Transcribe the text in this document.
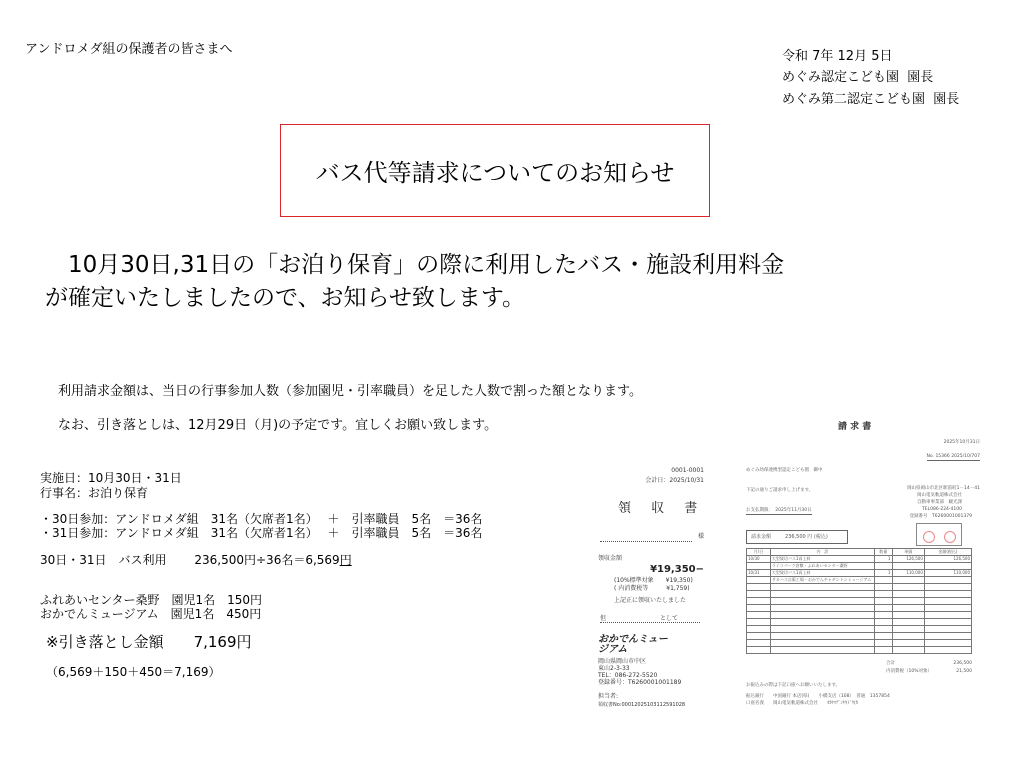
アンドロメダ組の保護者の皆さまへ	令和 7年 12月 5日
めぐみ認定こども園  園長
めぐみ第二認定こども園  園長
バス代等請求についてのお知らせ
　10月30日,31日の「お泊り保育」の際に利用したバス・施設利用料金
が確定いたしましたので、お知らせ致します。
利用請求金額は、当日の行事参加人数（参加園児・引率職員）を足した人数で割った額となります。
なお、引き落としは、12月29日（月)の予定です。宜しくお願い致します。
実施日：10月30日・31日
行事名：お泊り保育
・30日参加：アンドロメダ組　31名（欠席者1名）　 ＋　引率職員　5名　＝36名
・31日参加：アンドロメダ組　31名（欠席者1名）　 ＋　引率職員　5名　＝36名
30日・31日　バス利用　　 236,500円÷36名＝6,569円
ふれあいセンター桑野　園児1名　150円
おかでんミュージアム　園児1名　450円
※引き落とし金額　　7,169円
（6,569＋150＋450＝7,169）
0001-0001
会計日：2025/10/31
領 収 書
様
領収金額
¥19,350−
(10%標準対象　　¥19,350)
( 内消費税等　　　¥1,759)
上記正に領収いたしました
但　　　　　　　　　として
おかでんミュー
ジアム
岡山県岡山市中区
東山2-3-33
TEL：086-272-5520
登録番号：T6260001001189
担当者:
領収書No:00012025103112591028
請 求 書
2025年10月31日
No. 15366 2025/10/707
めぐみ幼保連携型認定こども園　御中
下記の通りご請求申し上げます。
お支払期限：　2025年11月30日
岡山県岡山市北区駅前町1－14－41
岡山電気軌道株式会社
自動車事業部　観光課
TEL086-224-4100
登録番号　T6260001001379
請求金額　　	236,500 円 (税込)
月/日	内　訳	数量	単価	金額(税込)
10/30	大型貸切バス1両上料	1	126,500	126,500
	ライコパーク倉敷・ふれあいセンター桑野			
10/31	大型貸切バス1両上料	1	110,000	110,000
	サカハス自販工場・おかでんチャギントンミュージアム			

合計	236,500
内消費税（10%対象）	21,500
お振込みの際は下記口座へお願いいたします。
振込銀行　　中国銀行 本店(県)　　小橋支店（108）　普通　1357854
口座名義　　岡山電気軌道株式会社　　ｵｶﾔﾏﾃﾞﾝｷｷﾄﾞｳ(ｶ
